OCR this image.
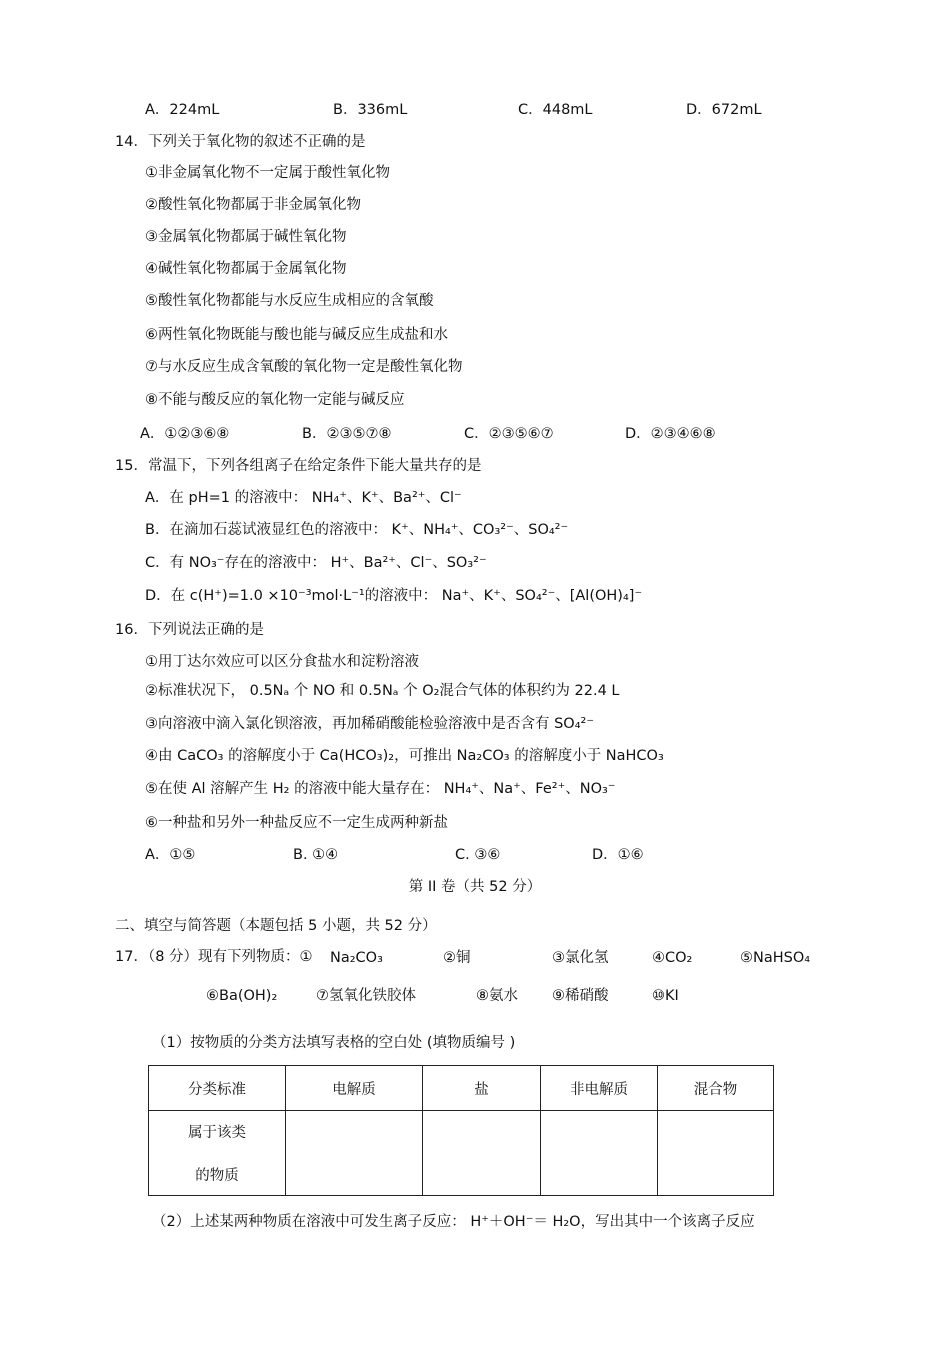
A．224mL	B．336mL	C．448mL	D．672mL
14．下列关于氧化物的叙述不正确的是
①非金属氧化物不一定属于酸性氧化物
②酸性氧化物都属于非金属氧化物
③金属氧化物都属于碱性氧化物
④碱性氧化物都属于金属氧化物
⑤酸性氧化物都能与水反应生成相应的含氧酸
⑥两性氧化物既能与酸也能与碱反应生成盐和水
⑦与水反应生成含氧酸的氧化物一定是酸性氧化物
⑧不能与酸反应的氧化物一定能与碱反应
A．①②③⑥⑧	B．②③⑤⑦⑧	C．②③⑤⑥⑦	D．②③④⑥⑧
15．常温下，下列各组离子在给定条件下能大量共存的是
A．在 pH=1 的溶液中： NH₄⁺、K⁺、Ba²⁺、Cl⁻
B．在滴加石蕊试液显红色的溶液中： K⁺、NH₄⁺、CO₃²⁻、SO₄²⁻
C．有 NO₃⁻存在的溶液中： H⁺、Ba²⁺、Cl⁻、SO₃²⁻
D．在 c(H⁺)=1.0 ×10⁻³mol·L⁻¹的溶液中： Na⁺、K⁺、SO₄²⁻、[Al(OH)₄]⁻
16．下列说法正确的是
①用丁达尔效应可以区分食盐水和淀粉溶液
②标准状况下， 0.5Nₐ 个 NO 和 0.5Nₐ 个 O₂混合气体的体积约为 22.4 L
③向溶液中滴入氯化钡溶液，再加稀硝酸能检验溶液中是否含有 SO₄²⁻
④由 CaCO₃ 的溶解度小于 Ca(HCO₃)₂，可推出 Na₂CO₃ 的溶解度小于 NaHCO₃
⑤在使 Al 溶解产生 H₂ 的溶液中能大量存在： NH₄⁺、Na⁺、Fe²⁺、NO₃⁻
⑥一种盐和另外一种盐反应不一定生成两种新盐
A．①⑤	B. ①④	C. ③⑥	D．①⑥
第 II 卷（共 52 分）
二、填空与简答题（本题包括 5 小题，共 52 分）
17．（8 分）现有下列物质：① Na₂CO₃	②铜	③氯化氢	④CO₂	⑤NaHSO₄
⑥Ba(OH)₂	⑦氢氧化铁胶体	⑧氨水 ⑨稀硝酸	⑩KI
（1）按物质的分类方法填写表格的空白处 (填物质编号 )
分类标准	电解质	盐	非电解质	混合物

属于该类
的物质				

（2）上述某两种物质在溶液中可发生离子反应： H⁺＋OH⁻＝ H₂O，写出其中一个该离子反应
